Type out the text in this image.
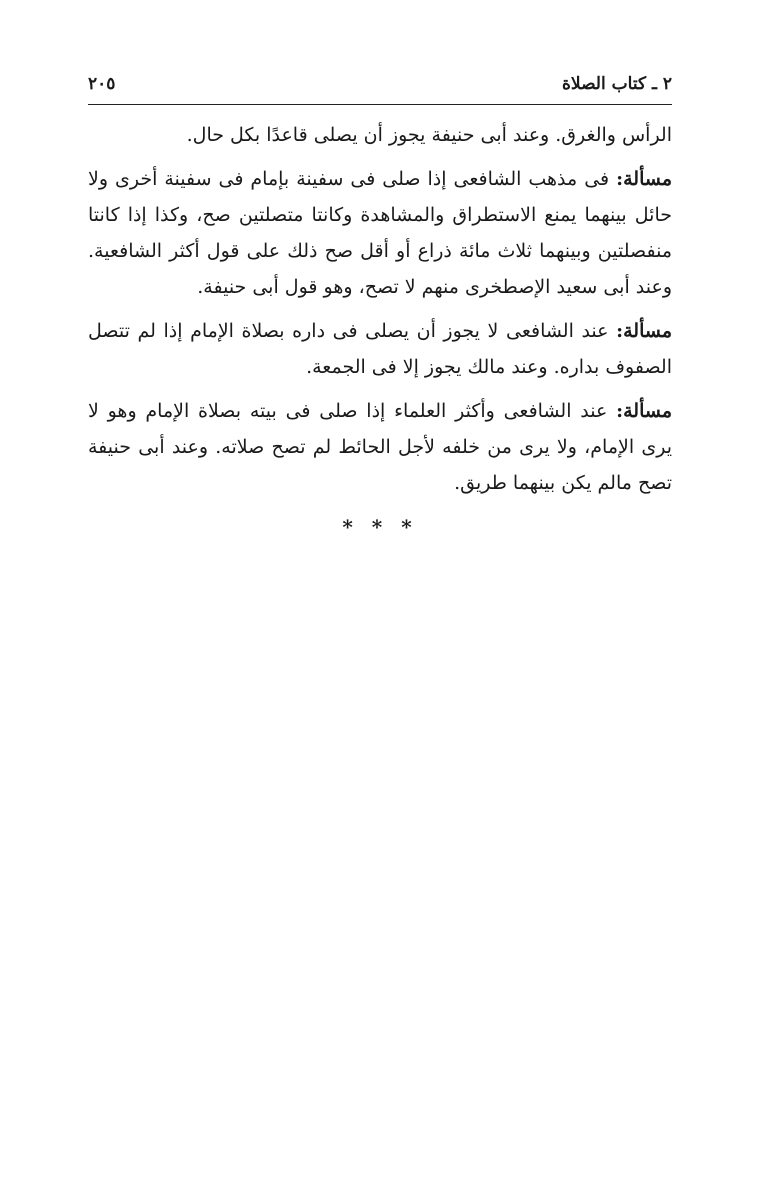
٢ ـ كتاب الصلاة
٢٠٥

الرأس والغرق. وعند أبى حنيفة يجوز أن يصلى قاعدًا بكل حال.

مسألة: فى مذهب الشافعى إذا صلى فى سفينة بإمام فى سفينة أخرى ولا حائل بينهما يمنع الاستطراق والمشاهدة وكانتا متصلتين صح، وكذا إذا كانتا منفصلتين وبينهما ثلاث مائة ذراع أو أقل صح ذلك على قول أكثر الشافعية. وعند أبى سعيد الإصطخرى منهم لا تصح، وهو قول أبى حنيفة.

مسألة: عند الشافعى لا يجوز أن يصلى فى داره بصلاة الإمام إذا لم تتصل الصفوف بداره. وعند مالك يجوز إلا فى الجمعة.

مسألة: عند الشافعى وأكثر العلماء إذا صلى فى بيته بصلاة الإمام وهو لا يرى الإمام، ولا يرى من خلفه لأجل الحائط لم تصح صلاته. وعند أبى حنيفة تصح مالم يكن بينهما طريق.

* * *
